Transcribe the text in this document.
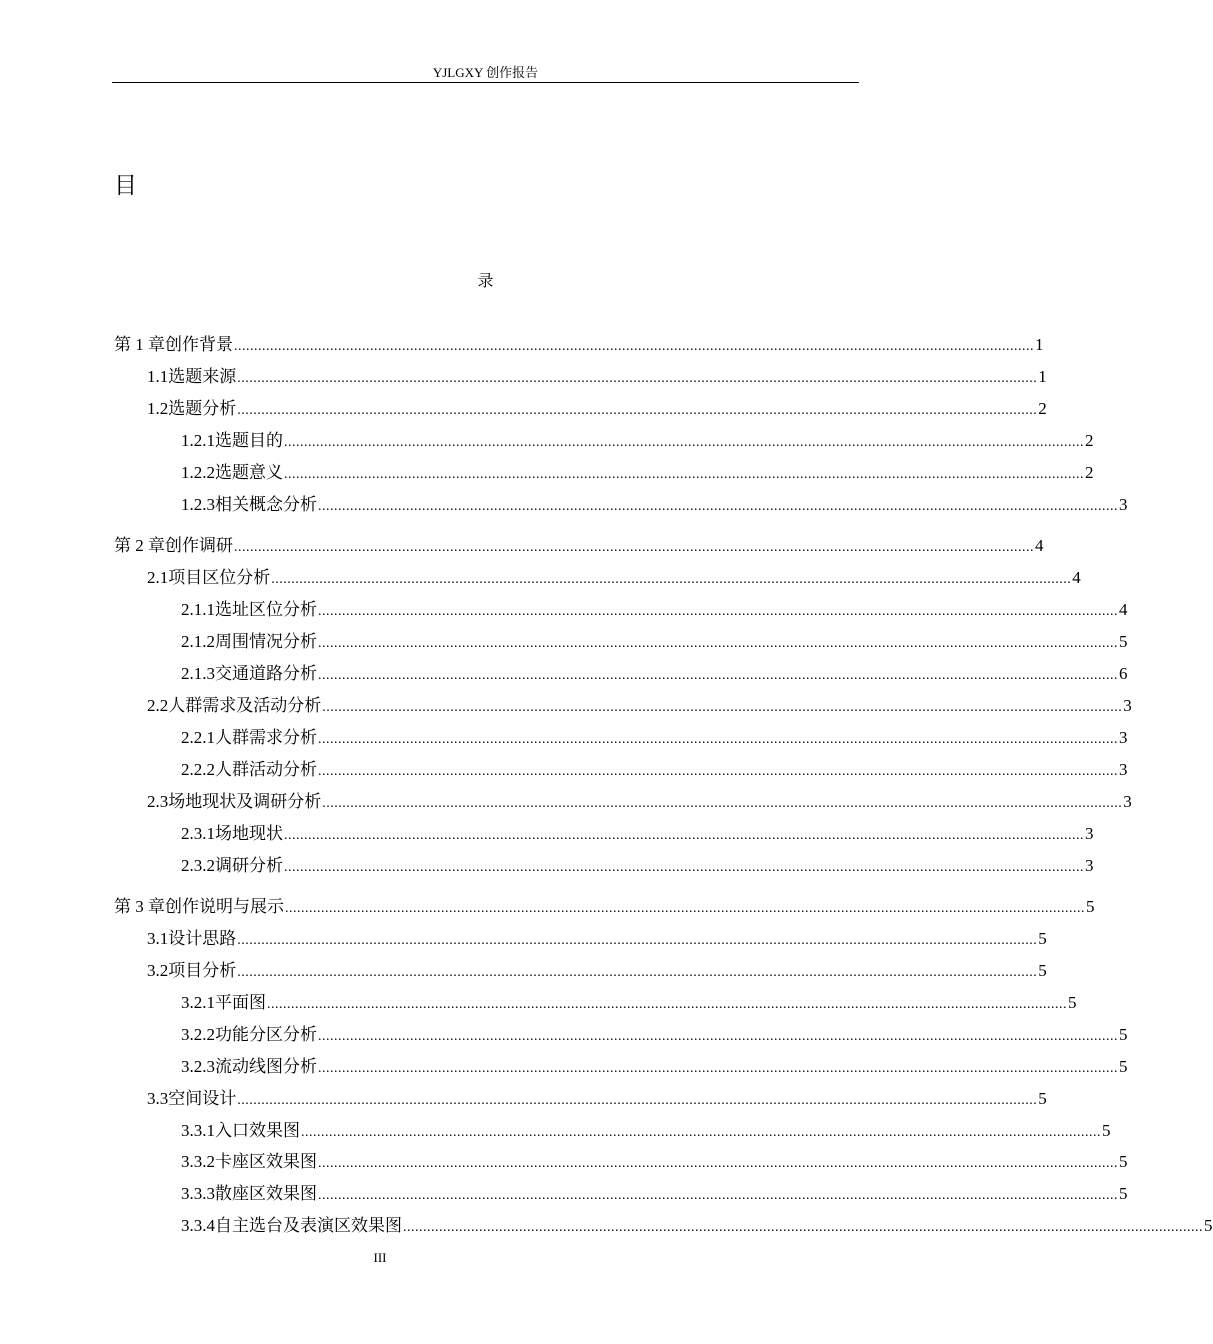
YJLGXY 创作报告
目
录
第 1 章 创作背景 ........................................................................................................................................................................................................ 1
1.1 选题来源 ........................................................................................................................................................................................................ 1
1.2 选题分析 ........................................................................................................................................................................................................ 2
1.2.1 选题目的 ........................................................................................................................................................................................................ 2
1.2.2 选题意义 ........................................................................................................................................................................................................ 2
1.2.3 相关概念分析 ........................................................................................................................................................................................................ 3
第 2 章 创作调研 ........................................................................................................................................................................................................ 4
2.1 项目区位分析 ........................................................................................................................................................................................................ 4
2.1.1 选址区位分析 ........................................................................................................................................................................................................ 4
2.1.2 周围情况分析 ........................................................................................................................................................................................................ 5
2.1.3 交通道路分析 ........................................................................................................................................................................................................ 6
2.2 人群需求及活动分析 ........................................................................................................................................................................................................ 3
2.2.1 人群需求分析 ........................................................................................................................................................................................................ 3
2.2.2 人群活动分析 ........................................................................................................................................................................................................ 3
2.3 场地现状及调研分析 ........................................................................................................................................................................................................ 3
2.3.1 场地现状 ........................................................................................................................................................................................................ 3
2.3.2 调研分析 ........................................................................................................................................................................................................ 3
第 3 章 创作说明与展示 ........................................................................................................................................................................................................ 5
3.1 设计思路 ........................................................................................................................................................................................................ 5
3.2 项目分析 ........................................................................................................................................................................................................ 5
3.2.1 平面图 ........................................................................................................................................................................................................ 5
3.2.2 功能分区分析 ........................................................................................................................................................................................................ 5
3.2.3 流动线图分析 ........................................................................................................................................................................................................ 5
3.3 空间设计 ........................................................................................................................................................................................................ 5
3.3.1 入口效果图 ........................................................................................................................................................................................................ 5
3.3.2 卡座区效果图 ........................................................................................................................................................................................................ 5
3.3.3 散座区效果图 ........................................................................................................................................................................................................ 5
3.3.4 自主选台及表演区效果图 ........................................................................................................................................................................................................ 5
III
